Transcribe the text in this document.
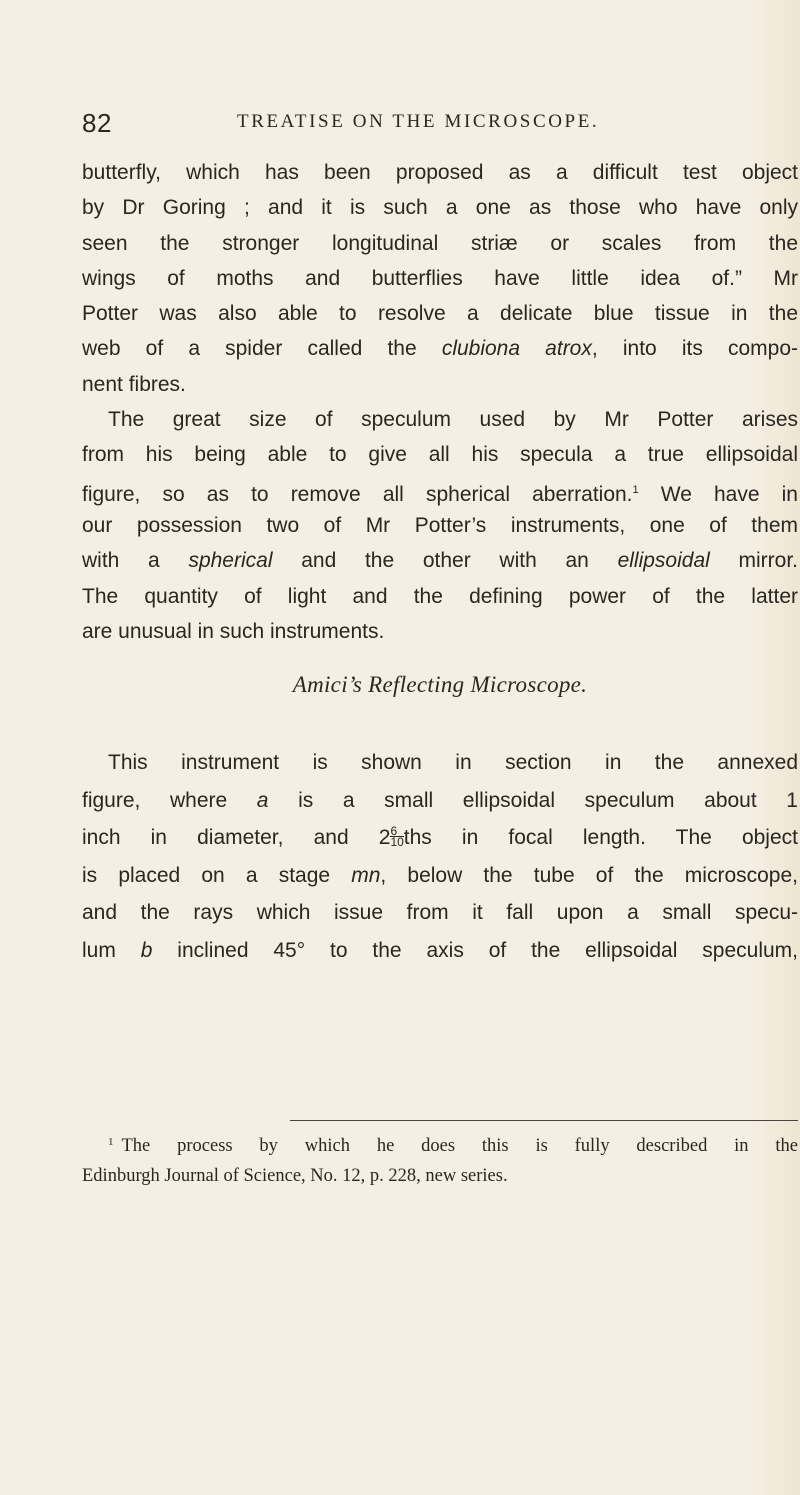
82	TREATISE ON THE MICROSCOPE.
butterfly, which has been proposed as a difficult test object
by Dr Goring ; and it is such a one as those who have only
seen the stronger longitudinal striæ or scales from the
wings of moths and butterflies have little idea of.” Mr
Potter was also able to resolve a delicate blue tissue in the
web of a spider called the clubiona atrox, into its compo-
nent fibres.
The great size of speculum used by Mr Potter arises
from his being able to give all his specula a true ellipsoidal
figure, so as to remove all spherical aberration.$^1$ We have in
our possession two of Mr Potter’s instruments, one of them
with a spherical and the other with an ellipsoidal mirror.
The quantity of light and the defining power of the latter
are unusual in such instruments.
Amici’s Reflecting Microscope.
This instrument is shown in section in the annexed
figure, where a is a small ellipsoidal speculum about 1
inch in diameter, and $2 \frac{6}{10}$ ths in focal length. The object
is placed on a stage mn, below the tube of the microscope,
and the rays which issue from it fall upon a small specu-
lum b inclined 45° to the axis of the ellipsoidal speculum,
$^1$ The process by which he does this is fully described in the
Edinburgh Journal of Science, No. 12, p. 228, new series.
